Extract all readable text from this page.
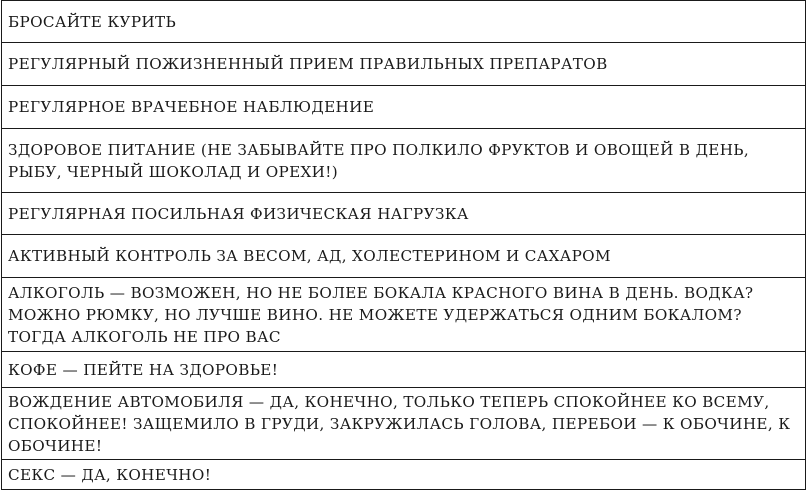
БРОСАЙТЕ КУРИТЬ
РЕГУЛЯРНЫЙ ПОЖИЗНЕННЫЙ ПРИЕМ ПРАВИЛЬНЫХ ПРЕПАРАТОВ
РЕГУЛЯРНОЕ ВРАЧЕБНОЕ НАБЛЮДЕНИЕ
ЗДОРОВОЕ ПИТАНИЕ (НЕ ЗАБЫВАЙТЕ ПРО ПОЛКИЛО ФРУКТОВ И ОВОЩЕЙ В ДЕНЬ, РЫБУ, ЧЕРНЫЙ ШОКОЛАД И ОРЕХИ!)
РЕГУЛЯРНАЯ ПОСИЛЬНАЯ ФИЗИЧЕСКАЯ НАГРУЗКА
АКТИВНЫЙ КОНТРОЛЬ ЗА ВЕСОМ, АД, ХОЛЕСТЕРИНОМ И САХАРОМ
АЛКОГОЛЬ — ВОЗМОЖЕН, НО НЕ БОЛЕЕ БОКАЛА КРАСНОГО ВИНА В ДЕНЬ. ВОДКА? МОЖНО РЮМКУ, НО ЛУЧШЕ ВИНО. НЕ МОЖЕТЕ УДЕРЖАТЬСЯ ОДНИМ БОКАЛОМ? ТОГДА АЛКОГОЛЬ НЕ ПРО ВАС
КОФЕ — ПЕЙТЕ НА ЗДОРОВЬЕ!
ВОЖДЕНИЕ АВТОМОБИЛЯ — ДА, КОНЕЧНО, ТОЛЬКО ТЕПЕРЬ СПОКОЙНЕЕ КО ВСЕМУ, СПОКОЙНЕЕ! ЗАЩЕМИЛО В ГРУДИ, ЗАКРУЖИЛАСЬ ГОЛОВА, ПЕРЕБОИ — К ОБОЧИНЕ, К ОБОЧИНЕ!
СЕКС — ДА, КОНЕЧНО!
